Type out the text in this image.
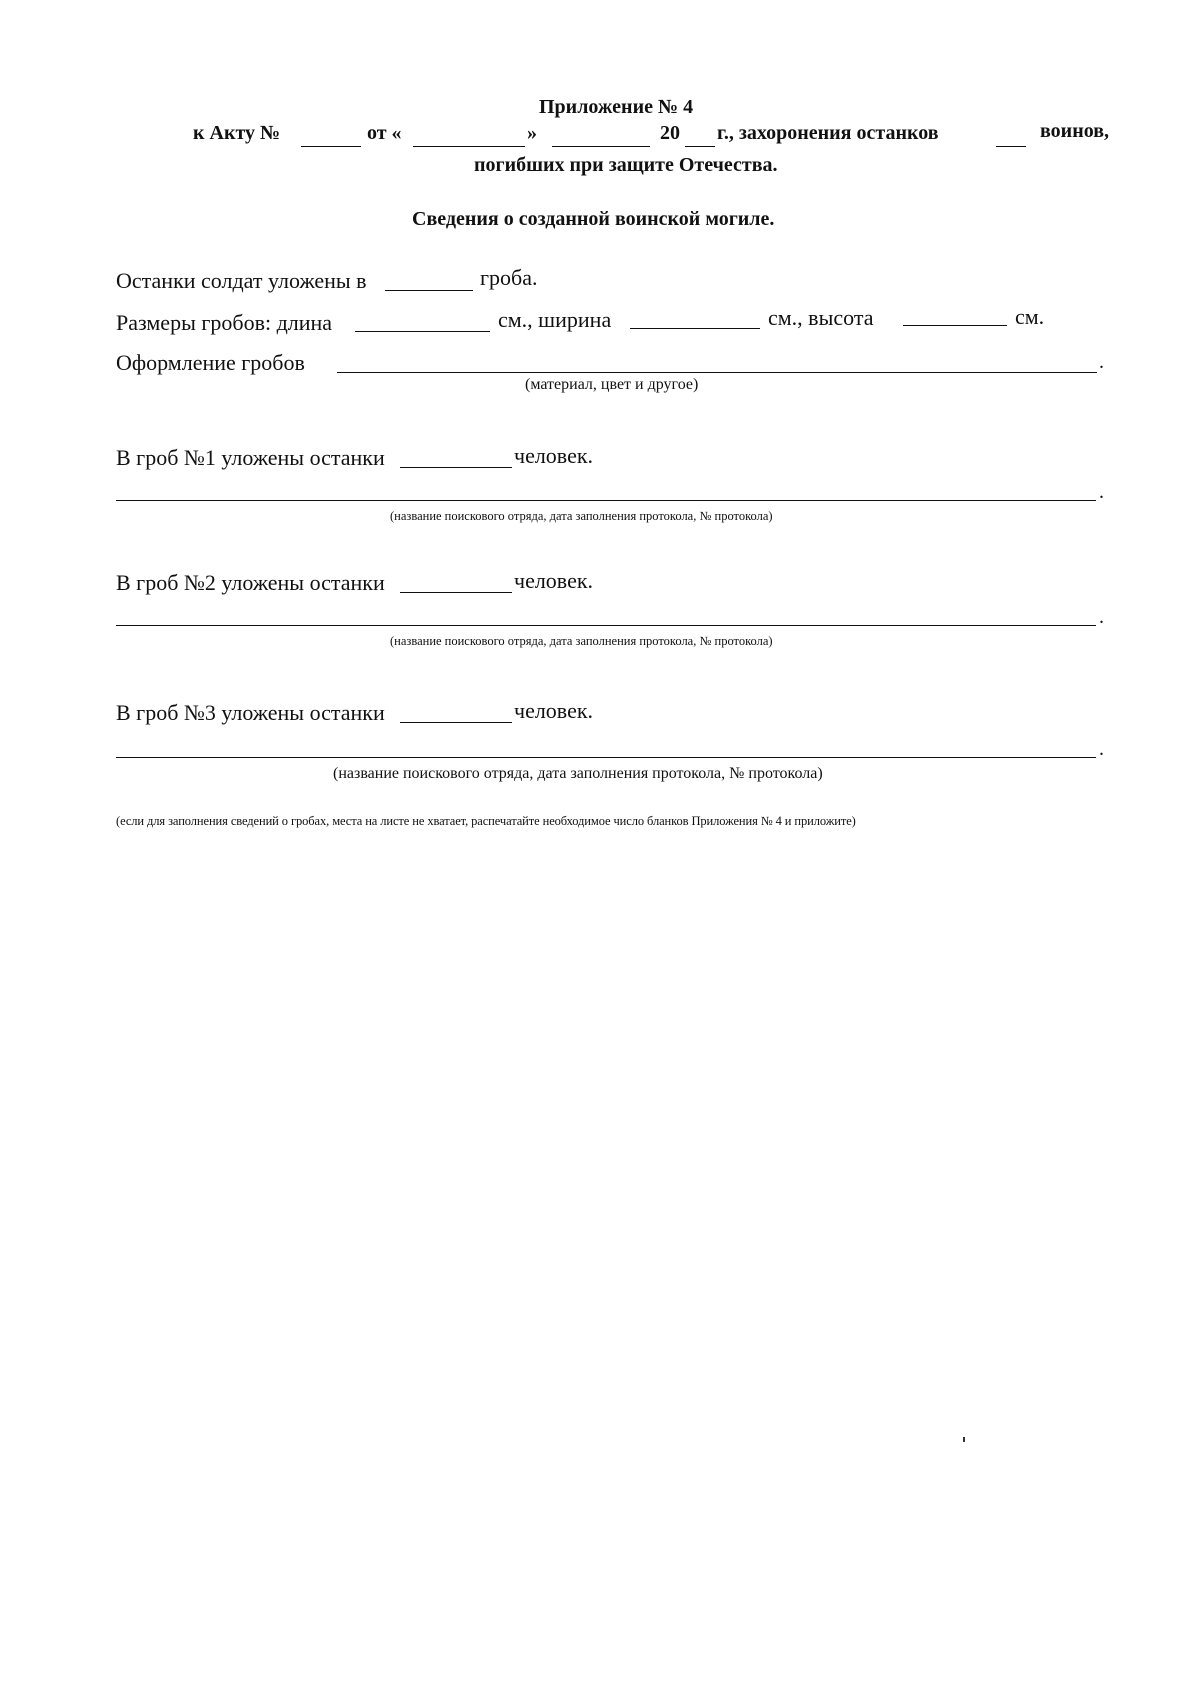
Приложение № 4
к Акту №	от «	»	20 г., захоронения останков	воинов,
погибших при защите Отечества.
Сведения о созданной воинской могиле.
Останки солдат уложены в	гроба.
Размеры гробов: длина	см., ширина	см., высота	см.
Оформление гробов	.
(материал, цвет и другое)
В гроб №1 уложены останки	человек.
.
(название поискового отряда, дата заполнения протокола, № протокола)
В гроб №2 уложены останки	человек.
.
(название поискового отряда, дата заполнения протокола, № протокола)
В гроб №3 уложены останки	человек.
.
(название поискового отряда, дата заполнения протокола, № протокола)
(если для заполнения сведений о гробах, места на листе не хватает, распечатайте необходимое число бланков Приложения № 4 и приложите)
